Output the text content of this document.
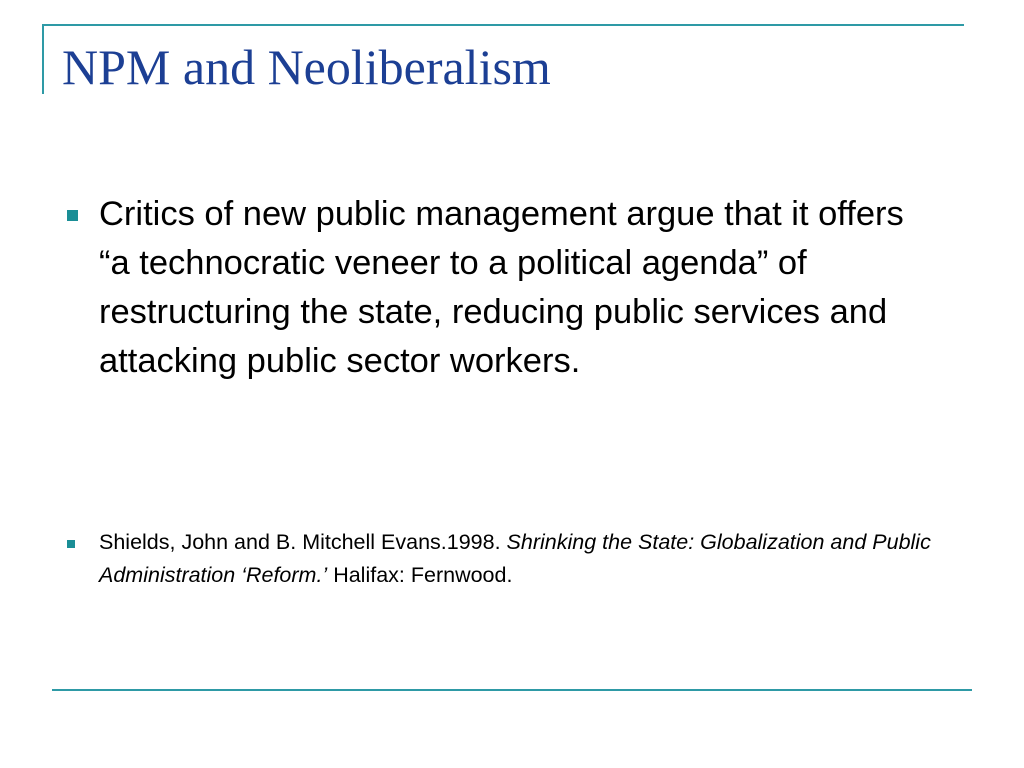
NPM and Neoliberalism
Critics of new public management argue that it offers “a technocratic veneer to a political agenda” of restructuring the state, reducing public services and attacking public sector workers.
Shields, John and B. Mitchell Evans.1998. Shrinking the State: Globalization and Public Administration ‘Reform.’ Halifax: Fernwood.
